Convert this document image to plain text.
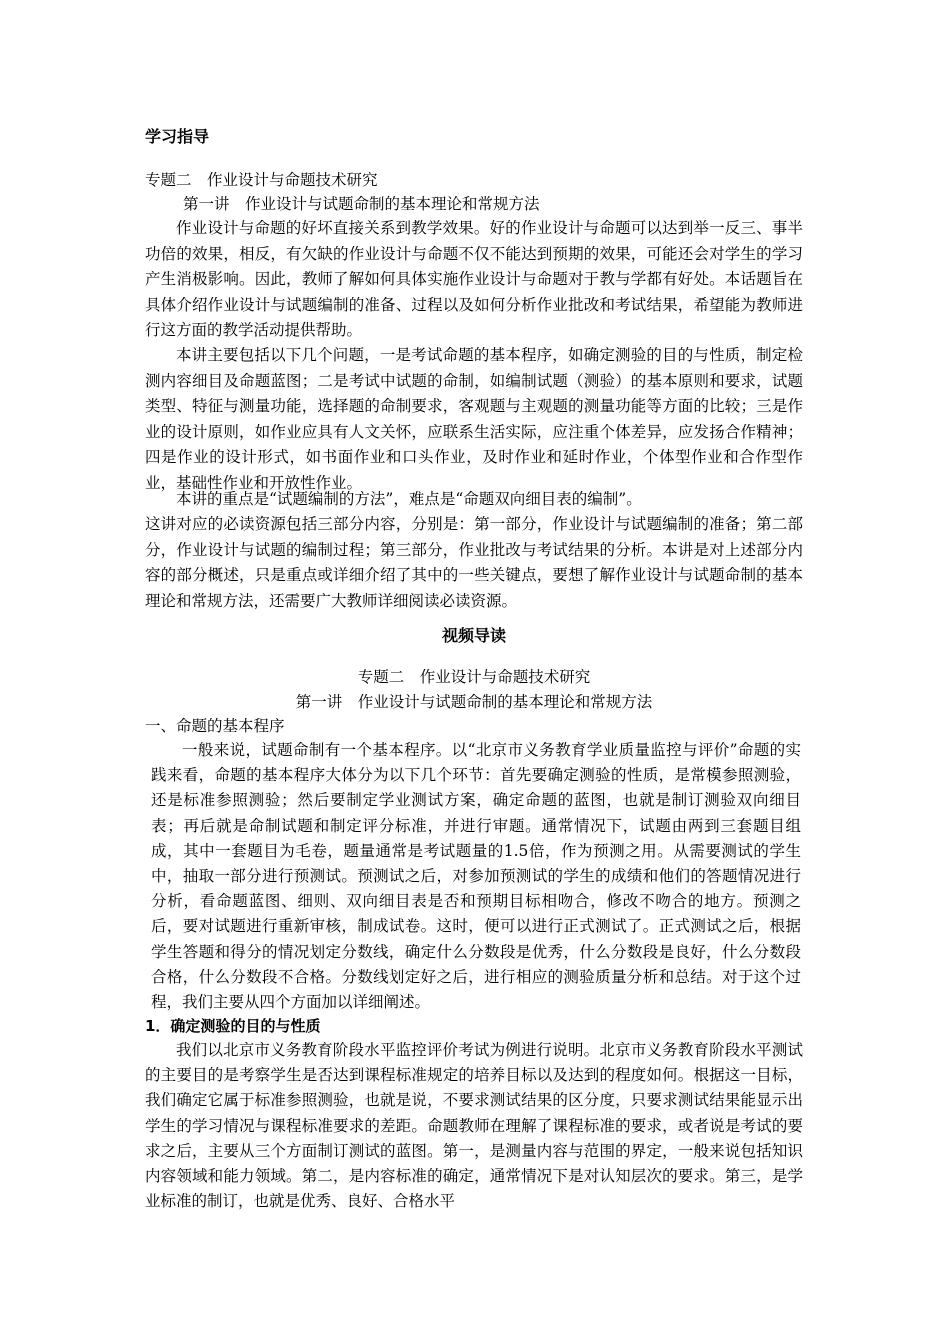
学习指导
专题二　作业设计与命题技术研究
第一讲　作业设计与试题命制的基本理论和常规方法

作业设计与命题的好坏直接关系到教学效果。好的作业设计与命题可以达到举一反三、事半功倍的效果，相反，有欠缺的作业设计与命题不仅不能达到预期的效果，可能还会对学生的学习产生消极影响。因此，教师了解如何具体实施作业设计与命题对于教与学都有好处。本话题旨在具体介绍作业设计与试题编制的准备、过程以及如何分析作业批改和考试结果，希望能为教师进行这方面的教学活动提供帮助。

本讲主要包括以下几个问题，一是考试命题的基本程序，如确定测验的目的与性质，制定检测内容细目及命题蓝图；二是考试中试题的命制，如编制试题（测验）的基本原则和要求，试题类型、特征与测量功能，选择题的命制要求，客观题与主观题的测量功能等方面的比较；三是作业的设计原则，如作业应具有人文关怀，应联系生活实际，应注重个体差异，应发扬合作精神；四是作业的设计形式，如书面作业和口头作业，及时作业和延时作业，个体型作业和合作型作业，基础性作业和开放性作业。

本讲的重点是“试题编制的方法”，难点是“命题双向细目表的编制”。

这讲对应的必读资源包括三部分内容，分别是：第一部分，作业设计与试题编制的准备；第二部分，作业设计与试题的编制过程；第三部分，作业批改与考试结果的分析。本讲是对上述部分内容的部分概述，只是重点或详细介绍了其中的一些关键点，要想了解作业设计与试题命制的基本理论和常规方法，还需要广大教师详细阅读必读资源。

视频导读
专题二　作业设计与命题技术研究
第一讲　作业设计与试题命制的基本理论和常规方法
一、命题的基本程序

一般来说，试题命制有一个基本程序。以“北京市义务教育学业质量监控与评价”命题的实践来看，命题的基本程序大体分为以下几个环节：首先要确定测验的性质，是常模参照测验，还是标准参照测验；然后要制定学业测试方案，确定命题的蓝图，也就是制订测验双向细目表；再后就是命制试题和制定评分标准，并进行审题。通常情况下，试题由两到三套题目组成，其中一套题目为毛卷，题量通常是考试题量的1.5倍，作为预测之用。从需要测试的学生中，抽取一部分进行预测试。预测试之后，对参加预测试的学生的成绩和他们的答题情况进行分析，看命题蓝图、细则、双向细目表是否和预期目标相吻合，修改不吻合的地方。预测之后，要对试题进行重新审核，制成试卷。这时，便可以进行正式测试了。正式测试之后，根据学生答题和得分的情况划定分数线，确定什么分数段是优秀，什么分数段是良好，什么分数段合格，什么分数段不合格。分数线划定好之后，进行相应的测验质量分析和总结。对于这个过程，我们主要从四个方面加以详细阐述。

1．确定测验的目的与性质

我们以北京市义务教育阶段水平监控评价考试为例进行说明。北京市义务教育阶段水平测试的主要目的是考察学生是否达到课程标准规定的培养目标以及达到的程度如何。根据这一目标，我们确定它属于标准参照测验，也就是说，不要求测试结果的区分度，只要求测试结果能显示出学生的学习情况与课程标准要求的差距。命题教师在理解了课程标准的要求，或者说是考试的要求之后，主要从三个方面制订测试的蓝图。第一，是测量内容与范围的界定，一般来说包括知识内容领域和能力领域。第二，是内容标准的确定，通常情况下是对认知层次的要求。第三，是学业标准的制订，也就是优秀、良好、合格水平
